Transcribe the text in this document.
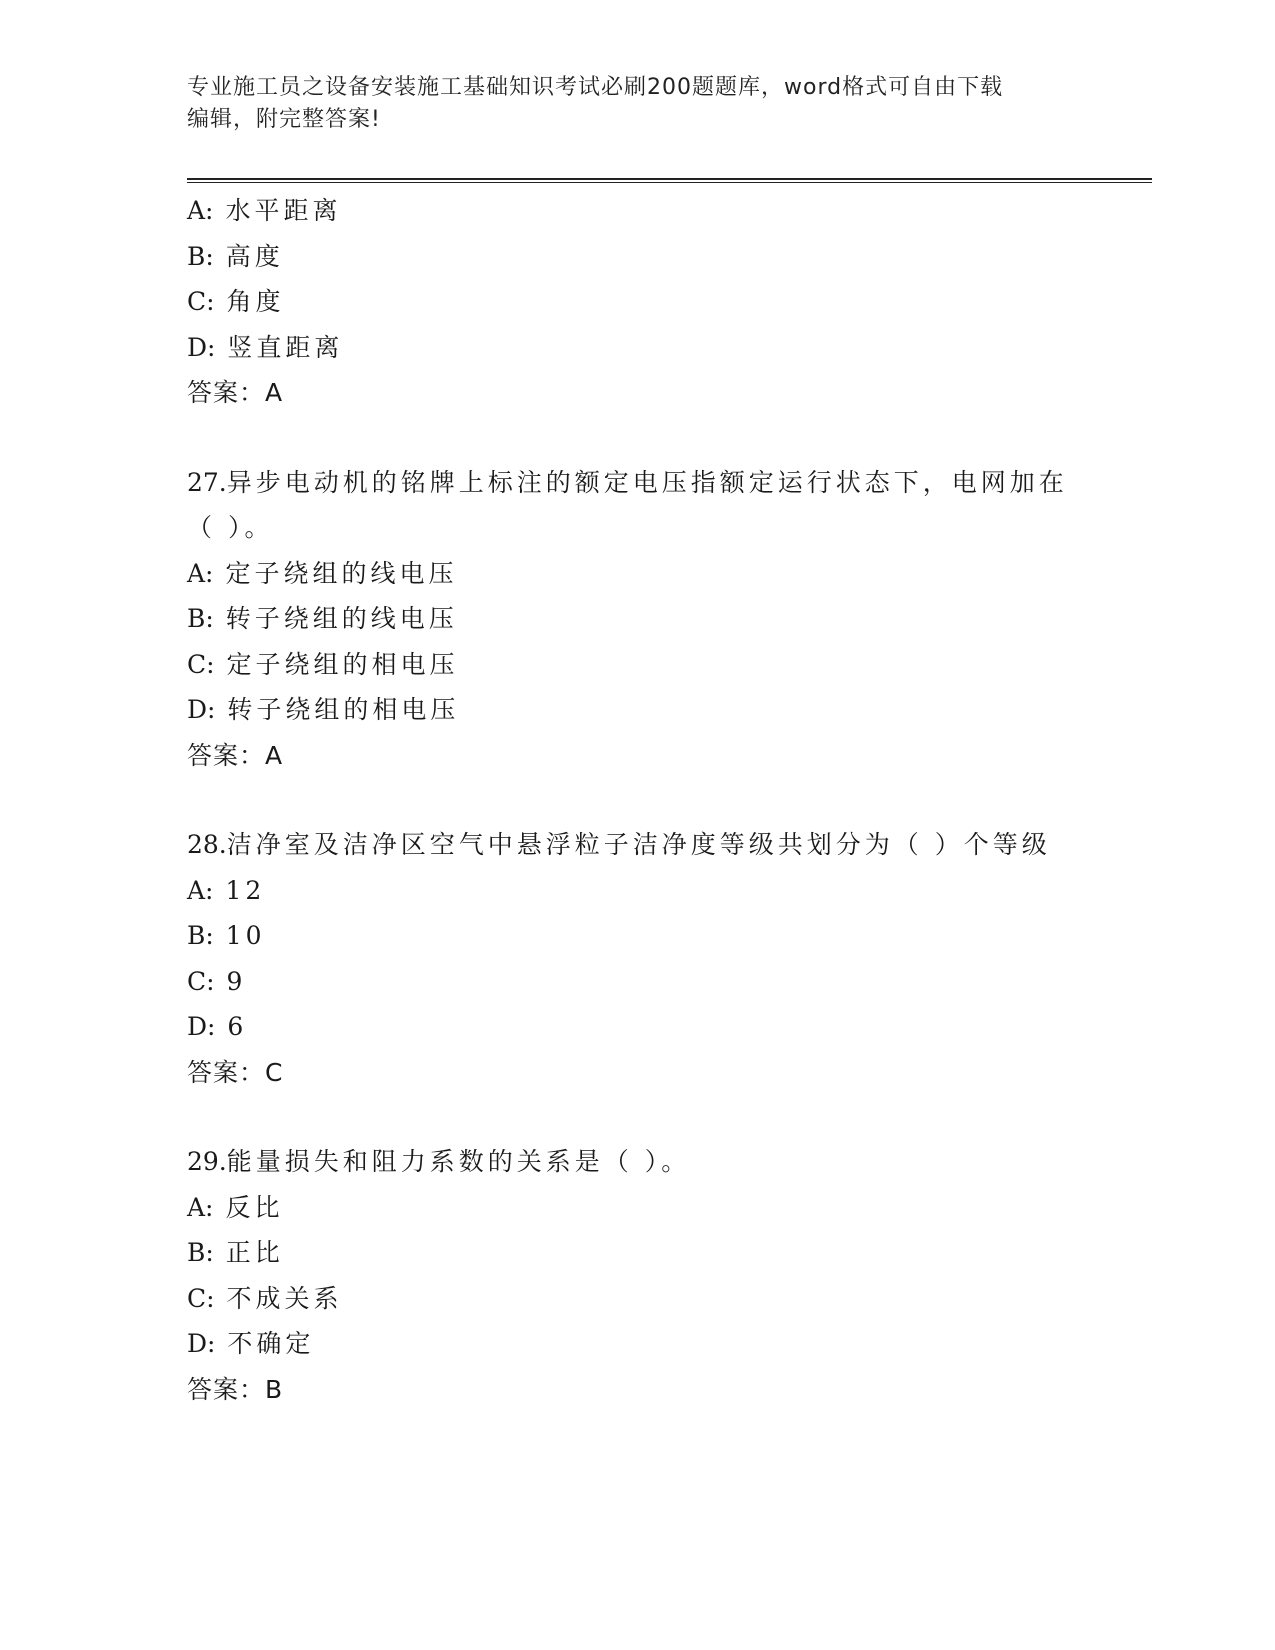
专业施工员之设备安装施工基础知识考试必刷200题题库，word格式可自由下载
编辑，附完整答案!
A: 水平距离
B: 高度
C: 角度
D: 竖直距离
答案：A
27.异步电动机的铭牌上标注的额定电压指额定运行状态下，电网加在（ ）。
A: 定子绕组的线电压
B: 转子绕组的线电压
C: 定子绕组的相电压
D: 转子绕组的相电压
答案：A
28.洁净室及洁净区空气中悬浮粒子洁净度等级共划分为（ ）个等级
A: 12
B: 10
C: 9
D: 6
答案：C
29.能量损失和阻力系数的关系是（ ）。
A: 反比
B: 正比
C: 不成关系
D: 不确定
答案：B
